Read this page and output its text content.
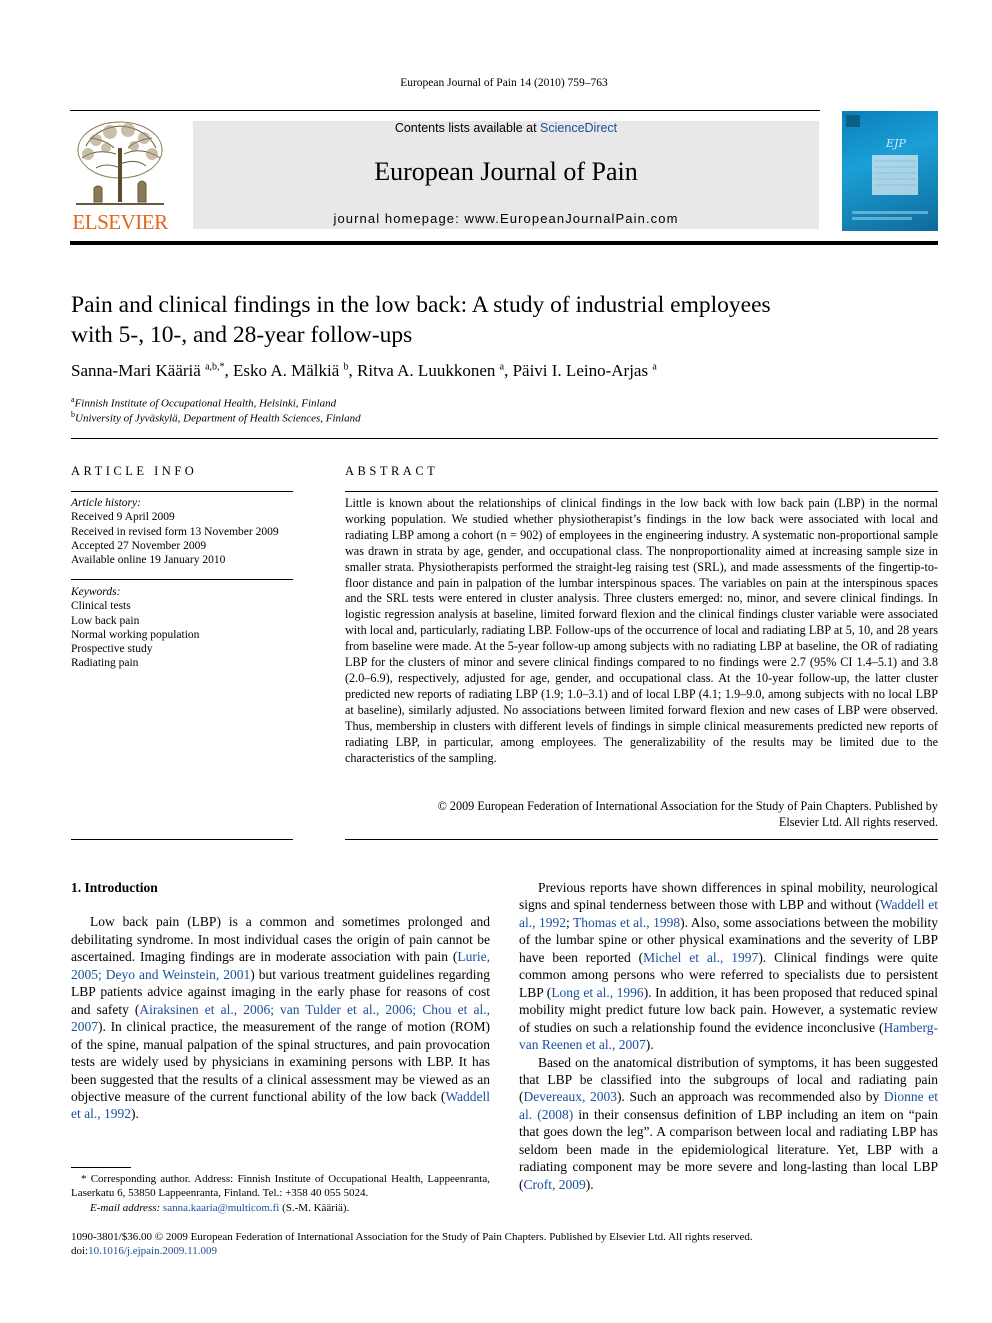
European Journal of Pain 14 (2010) 759–763
ELSEVIER
Contents lists available at ScienceDirect
European Journal of Pain
journal homepage: www.EuropeanJournalPain.com
EJP
Pain and clinical findings in the low back: A study of industrial employees
with 5-, 10-, and 28-year follow-ups
Sanna-Mari Kääriä $^{a,b,*}$, Esko A. Mälkiä $^b$, Ritva A. Luukkonen $^a$, Päivi I. Leino-Arjas $^a$
$^a$Finnish Institute of Occupational Health, Helsinki, Finland
$^b$University of Jyväskylä, Department of Health Sciences, Finland
ARTICLE INFO
Article history:
Received 9 April 2009
Received in revised form 13 November 2009
Accepted 27 November 2009
Available online 19 January 2010
Keywords:
Clinical tests
Low back pain
Normal working population
Prospective study
Radiating pain
ABSTRACT
Little is known about the relationships of clinical findings in the low back with low back pain (LBP) in the normal working population. We studied whether physiotherapist’s findings in the low back were associated with local and radiating LBP among a cohort (n = 902) of employees in the engineering industry. A systematic non-proportional sample was drawn in strata by age, gender, and occupational class. The nonproportionality aimed at increasing sample size in smaller strata. Physiotherapists performed the straight-leg raising test (SRL), and made assessments of the fingertip-to-floor distance and pain in palpation of the lumbar interspinous spaces. The variables on pain at the interspinous spaces and the SRL tests were entered in cluster analysis. Three clusters emerged: no, minor, and severe clinical findings. In logistic regression analysis at baseline, limited forward flexion and the clinical findings cluster variable were associated with local and, particularly, radiating LBP. Follow-ups of the occurrence of local and radiating LBP at 5, 10, and 28 years from baseline were made. At the 5-year follow-up among subjects with no radiating LBP at baseline, the OR of radiating LBP for the clusters of minor and severe clinical findings compared to no findings were 2.7 (95% CI 1.4–5.1) and 3.8 (2.0–6.9), respectively, adjusted for age, gender, and occupational class. At the 10-year follow-up, the latter cluster predicted new reports of radiating LBP (1.9; 1.0–3.1) and of local LBP (4.1; 1.9–9.0, among subjects with no local LBP at baseline), similarly adjusted. No associations between limited forward flexion and new cases of LBP were observed. Thus, membership in clusters with different levels of findings in simple clinical measurements predicted new reports of radiating LBP, in particular, among employees. The generalizability of the results may be limited due to the characteristics of the sampling.
© 2009 European Federation of International Association for the Study of Pain Chapters. Published by
Elsevier Ltd. All rights reserved.
1. Introduction

Low back pain (LBP) is a common and sometimes prolonged and debilitating syndrome. In most individual cases the origin of pain cannot be ascertained. Imaging findings are in moderate association with pain (Lurie, 2005; Deyo and Weinstein, 2001) but various treatment guidelines regarding LBP patients advice against imaging in the early phase for reasons of cost and safety (Airaksinen et al., 2006; van Tulder et al., 2006; Chou et al., 2007). In clinical practice, the measurement of the range of motion (ROM) of the spine, manual palpation of the spinal structures, and pain provocation tests are widely used by physicians in examining persons with LBP. It has been suggested that the results of a clinical assessment may be viewed as an objective measure of the current functional ability of the low back (Waddell et al., 1992).

Previous reports have shown differences in spinal mobility, neurological signs and spinal tenderness between those with LBP and without (Waddell et al., 1992; Thomas et al., 1998). Also, some associations between the mobility of the lumbar spine or other physical examinations and the severity of LBP have been reported (Michel et al., 1997). Clinical findings were quite common among persons who were referred to specialists due to persistent LBP (Long et al., 1996). In addition, it has been proposed that reduced spinal mobility might predict future low back pain. However, a systematic review of studies on such a relationship found the evidence inconclusive (Hamberg-van Reenen et al., 2007).

Based on the anatomical distribution of symptoms, it has been suggested that LBP be classified into the subgroups of local and radiating pain (Devereaux, 2003). Such an approach was recommended also by Dionne et al. (2008) in their consensus definition of LBP including an item on “pain that goes down the leg”. A comparison between local and radiating LBP has seldom been made in the epidemiological literature. Yet, LBP with a radiating component may be more severe and long-lasting than local LBP (Croft, 2009).

* Corresponding author. Address: Finnish Institute of Occupational Health, Lappeenranta, Laserkatu 6, 53850 Lappeenranta, Finland. Tel.: +358 40 055 5024.
E-mail address: sanna.kaaria@multicom.fi (S.-M. Kääriä).
1090-3801/$36.00 © 2009 European Federation of International Association for the Study of Pain Chapters. Published by Elsevier Ltd. All rights reserved.
doi:10.1016/j.ejpain.2009.11.009
